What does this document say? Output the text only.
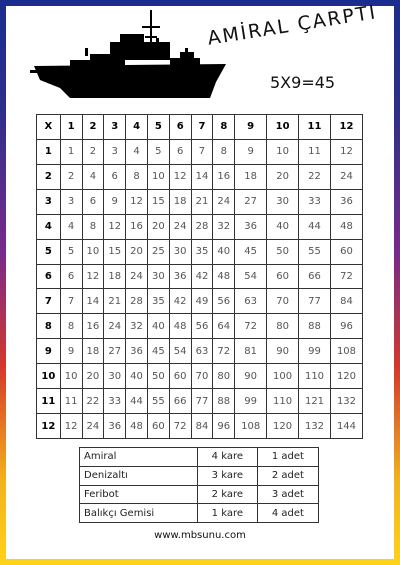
AMİRAL ÇARPTI
5X9=45
X	1	2	3	4	5	6	7	8	9	10	11	12
1	1	2	3	4	5	6	7	8	9	10	11	12
2	2	4	6	8	10	12	14	16	18	20	22	24
3	3	6	9	12	15	18	21	24	27	30	33	36
4	4	8	12	16	20	24	28	32	36	40	44	48
5	5	10	15	20	25	30	35	40	45	50	55	60
6	6	12	18	24	30	36	42	48	54	60	66	72
7	7	14	21	28	35	42	49	56	63	70	77	84
8	8	16	24	32	40	48	56	64	72	80	88	96
9	9	18	27	36	45	54	63	72	81	90	99	108
10	10	20	30	40	50	60	70	80	90	100	110	120
11	11	22	33	44	55	66	77	88	99	110	121	132
12	12	24	36	48	60	72	84	96	108	120	132	144
Amiral	4 kare	1 adet
Denizaltı	3 kare	2 adet
Feribot	2 kare	3 adet
Balıkçı Gemisi	1 kare	4 adet
www.mbsunu.com
